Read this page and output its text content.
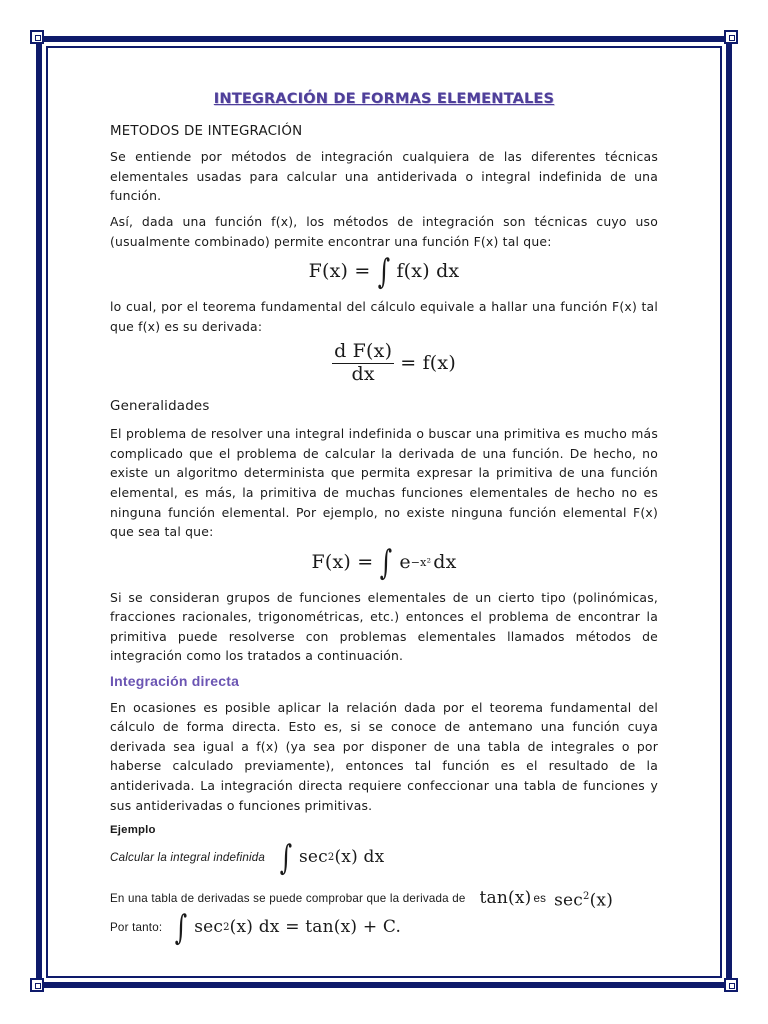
INTEGRACIÓN DE FORMAS ELEMENTALES
METODOS DE INTEGRACIÓN
Se entiende por métodos de integración cualquiera de las diferentes técnicas elementales usadas para calcular una antiderivada o integral indefinida de una función.
Así, dada una función f(x), los métodos de integración son técnicas cuyo uso (usualmente combinado) permite encontrar una función F(x) tal que:
F(x) = ∫ f(x) dx
lo cual, por el teorema fundamental del cálculo equivale a hallar una función F(x) tal que f(x) es su derivada:
$\frac{\text{d F(x)}}{dx} = f(x)$
Generalidades
El problema de resolver una integral indefinida o buscar una primitiva es mucho más complicado que el problema de calcular la derivada de una función. De hecho, no existe un algoritmo determinista que permita expresar la primitiva de una función elemental, es más, la primitiva de muchas funciones elementales de hecho no es ninguna función elemental. Por ejemplo, no existe ninguna función elemental F(x) que sea tal que:
F(x) = ∫ e −x² dx
Si se consideran grupos de funciones elementales de un cierto tipo (polinómicas, fracciones racionales, trigonométricas, etc.) entonces el problema de encontrar la primitiva puede resolverse con problemas elementales llamados métodos de integración como los tratados a continuación.
Integración directa
En ocasiones es posible aplicar la relación dada por el teorema fundamental del cálculo de forma directa. Esto es, si se conoce de antemano una función cuya derivada sea igual a f(x) (ya sea por disponer de una tabla de integrales o por haberse calculado previamente), entonces tal función es el resultado de la antiderivada. La integración directa requiere confeccionar una tabla de funciones y sus antiderivadas o funciones primitivas.
Ejemplo
Calcular la integral indefinida ∫ sec 2 (x) dx
En una tabla de derivadas se puede comprobar que la derivada de tan(x) es $\sec^2(x)$
Por tanto: ∫ sec 2 (x) dx = tan(x) + C.
